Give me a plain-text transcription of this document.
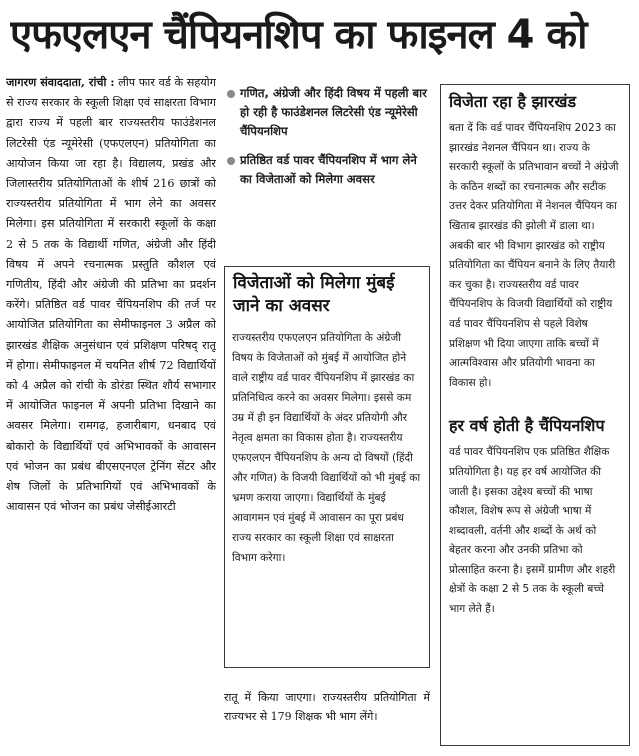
एफएलएन चैंपियनशिप का फाइनल 4 को
जागरण संवाददाता, रांची : लीप फार वर्ड के सहयोग से राज्य सरकार के स्कूली शिक्षा एवं साक्षरता विभाग द्वारा राज्य में पहली बार राज्यस्तरीय फाउंडेशनल लिटरेसी एंड न्यूमेरेसी (एफएलएन) प्रतियोगिता का आयोजन किया जा रहा है। विद्यालय, प्रखंड और जिलास्तरीय प्रतियोगिताओं के शीर्ष 216 छात्रों को राज्यस्तरीय प्रतियोगिता में भाग लेने का अवसर मिलेगा। इस प्रतियोगिता में सरकारी स्कूलों के कक्षा 2 से 5 तक के विद्यार्थी गणित, अंग्रेजी और हिंदी विषय में अपने रचनात्मक प्रस्तुति कौशल एवं गणितीय, हिंदी और अंग्रेजी की प्रतिभा का प्रदर्शन करेंगे। प्रतिष्ठित वर्ड पावर चैंपियनशिप की तर्ज पर आयोजित प्रतियोगिता का सेमीफाइनल 3 अप्रैल को झारखंड शैक्षिक अनुसंधान एवं प्रशिक्षण परिषद् रातू में होगा। सेमीफाइनल में चयनित शीर्ष 72 विद्यार्थियों को 4 अप्रैल को रांची के डोरंडा स्थित शौर्य सभागार में आयोजित फाइनल में अपनी प्रतिभा दिखाने का अवसर मिलेगा। रामगढ़, हजारीबाग, धनबाद एवं बोकारो के विद्यार्थियों एवं अभिभावकों के आवासन एवं भोजन का प्रबंध बीएसएनएल ट्रेनिंग सेंटर और शेष जिलों के प्रतिभागियों एवं अभिभावकों के आवासन एवं भोजन का प्रबंध जेसीईआरटी
गणित, अंग्रेजी और हिंदी विषय में पहली बार हो रही है फाउंडेशनल लिटरेसी एंड न्यूमेरेसी चैंपियनशिप
प्रतिष्ठित वर्ड पावर चैंपियनशिप में भाग लेने का विजेताओं को मिलेगा अवसर
विजेताओं को मिलेगा मुंबई जाने का अवसर
राज्यस्तरीय एफएलएन प्रतियोगिता के अंग्रेजी विषय के विजेताओं को मुंबई में आयोजित होने वाले राष्ट्रीय वर्ड पावर चैंपियनशिप में झारखंड का प्रतिनिधित्व करने का अवसर मिलेगा। इससे कम उम्र में ही इन विद्यार्थियों के अंदर प्रतियोगी और नेतृत्व क्षमता का विकास होता है। राज्यस्तरीय एफएलएन चैंपियनशिप के अन्य दो विषयों (हिंदी और गणित) के विजयी विद्यार्थियों को भी मुंबई का भ्रमण कराया जाएगा। विद्यार्थियों के मुंबई आवागमन एवं मुंबई में आवासन का पूरा प्रबंध राज्य सरकार का स्कूली शिक्षा एवं साक्षरता विभाग करेगा।
रातू में किया जाएगा। राज्यस्तरीय प्रतियोगिता में राज्यभर से 179 शिक्षक भी भाग लेंगे।
विजेता रहा है झारखंड
बता दें कि वर्ड पावर चैंपियनशिप 2023 का झारखंड नेशनल चैंपियन था। राज्य के सरकारी स्कूलों के प्रतिभावान बच्चों ने अंग्रेजी के कठिन शब्दों का रचनात्मक और सटीक उत्तर देकर प्रतियोगिता में नेशनल चैंपियन का खिताब झारखंड की झोली में डाला था। अबकी बार भी विभाग झारखंड को राष्ट्रीय प्रतियोगिता का चैंपियन बनाने के लिए तैयारी कर चुका है। राज्यस्तरीय वर्ड पावर चैंपियनशिप के विजयी विद्यार्थियों को राष्ट्रीय वर्ड पावर चैंपियनशिप से पहले विशेष प्रशिक्षण भी दिया जाएगा ताकि बच्चों में आत्मविश्वास और प्रतियोगी भावना का विकास हो।
हर वर्ष होती है चैंपियनशिप
वर्ड पावर चैंपियनशिप एक प्रतिष्ठित शैक्षिक प्रतियोगिता है। यह हर वर्ष आयोजित की जाती है। इसका उद्देश्य बच्चों की भाषा कौशल, विशेष रूप से अंग्रेजी भाषा में शब्दावली, वर्तनी और शब्दों के अर्थ को बेहतर करना और उनकी प्रतिभा को प्रोत्साहित करना है। इसमें ग्रामीण और शहरी क्षेत्रों के कक्षा 2 से 5 तक के स्कूली बच्चे भाग लेते हैं।
